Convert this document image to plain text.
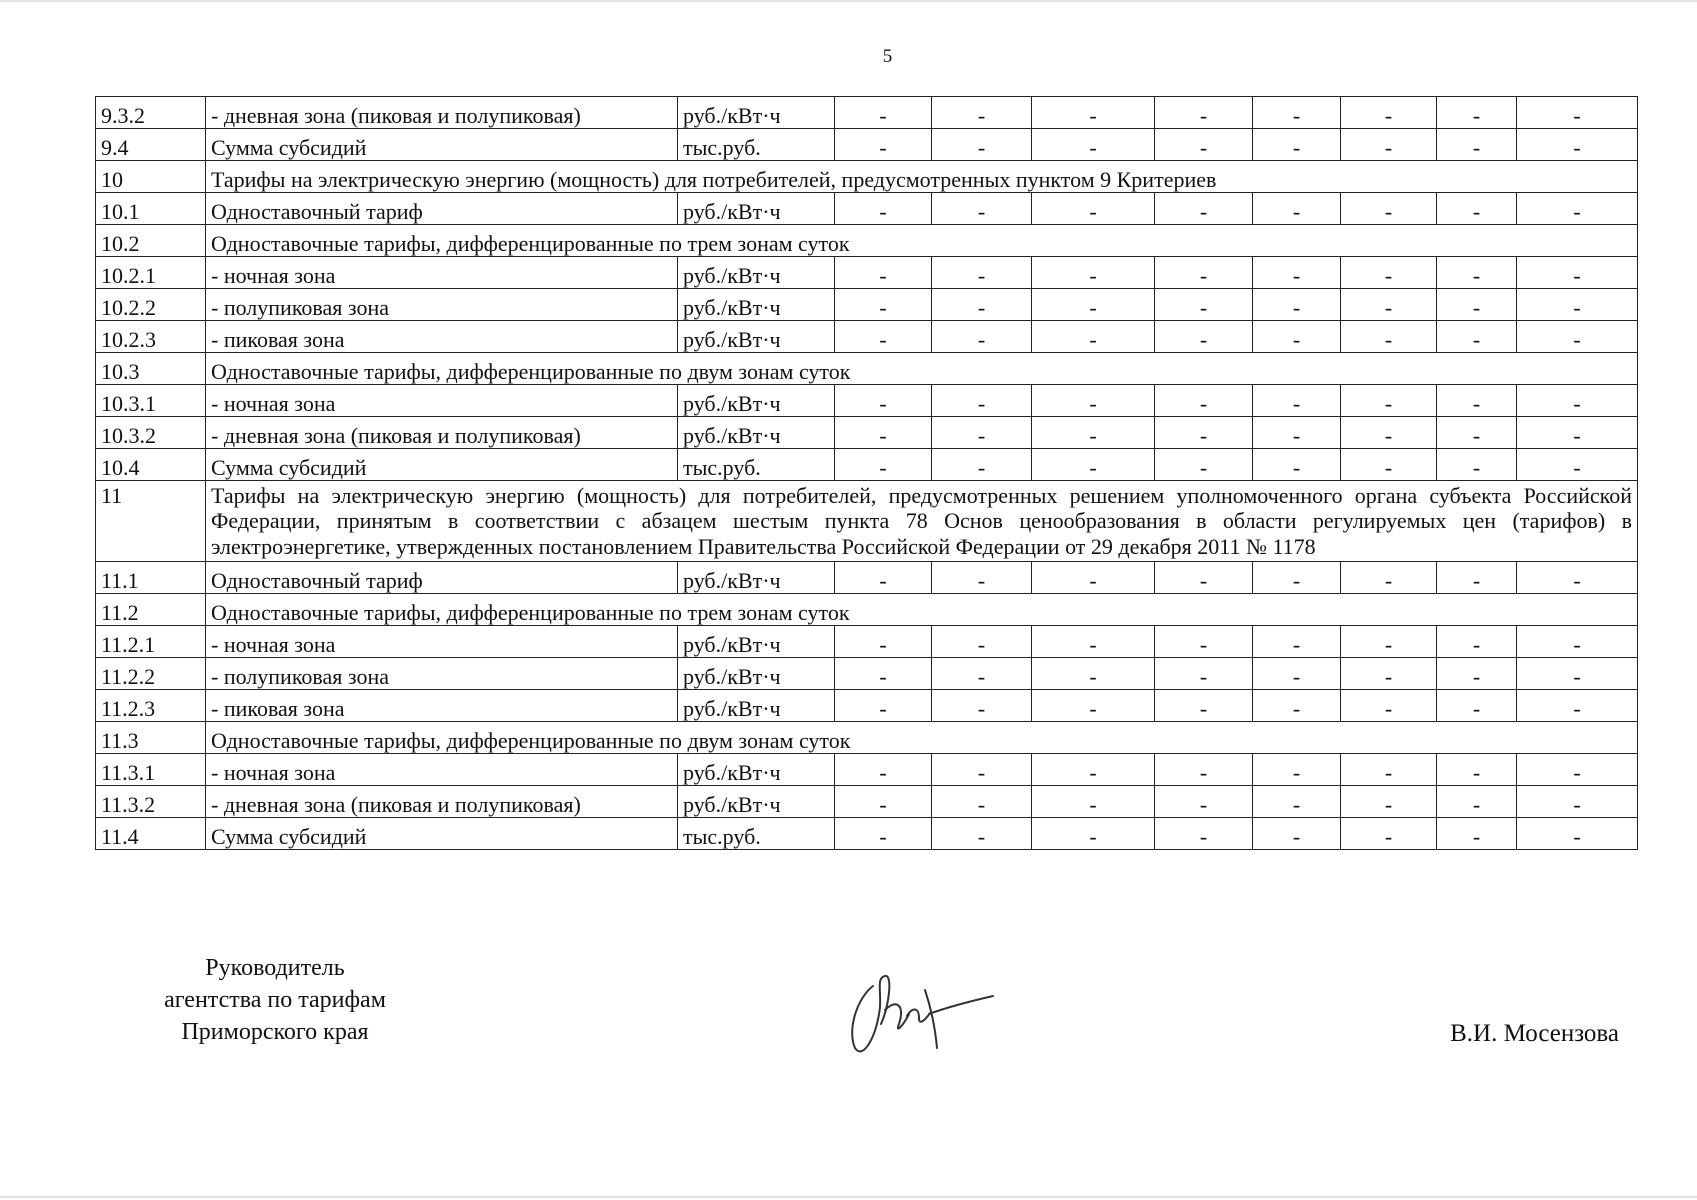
5
9.3.2	- дневная зона (пиковая и полупиковая)	руб./кВт·ч	-	-	-	-	-	-	-	-
9.4	Сумма субсидий	тыс.руб.	-	-	-	-	-	-	-	-
10	Тарифы на электрическую энергию (мощность) для потребителей, предусмотренных пунктом 9 Критериев									
10.1	Одноставочный тариф	руб./кВт·ч	-	-	-	-	-	-	-	-
10.2	Одноставочные тарифы, дифференцированные по трем зонам суток									
10.2.1	- ночная зона	руб./кВт·ч	-	-	-	-	-	-	-	-
10.2.2	- полупиковая зона	руб./кВт·ч	-	-	-	-	-	-	-	-
10.2.3	- пиковая зона	руб./кВт·ч	-	-	-	-	-	-	-	-
10.3	Одноставочные тарифы, дифференцированные по двум зонам суток									
10.3.1	- ночная зона	руб./кВт·ч	-	-	-	-	-	-	-	-
10.3.2	- дневная зона (пиковая и полупиковая)	руб./кВт·ч	-	-	-	-	-	-	-	-
10.4	Сумма субсидий	тыс.руб.	-	-	-	-	-	-	-	-
11	Тарифы на электрическую энергию (мощность) для потребителей, предусмотренных решением уполномоченного органа субъекта Российской Федерации, принятым в соответствии с абзацем шестым пункта 78 Основ ценообразования в области регулируемых цен (тарифов) в электроэнергетике, утвержденных постановлением Правительства Российской Федерации от 29 декабря 2011 № 1178									
11.1	Одноставочный тариф	руб./кВт·ч	-	-	-	-	-	-	-	-
11.2	Одноставочные тарифы, дифференцированные по трем зонам суток									
11.2.1	- ночная зона	руб./кВт·ч	-	-	-	-	-	-	-	-
11.2.2	- полупиковая зона	руб./кВт·ч	-	-	-	-	-	-	-	-
11.2.3	- пиковая зона	руб./кВт·ч	-	-	-	-	-	-	-	-
11.3	Одноставочные тарифы, дифференцированные по двум зонам суток									
11.3.1	- ночная зона	руб./кВт·ч	-	-	-	-	-	-	-	-
11.3.2	- дневная зона (пиковая и полупиковая)	руб./кВт·ч	-	-	-	-	-	-	-	-
11.4	Сумма субсидий	тыс.руб.	-	-	-	-	-	-	-	-
Руководитель
агентства по тарифам
Приморского края	В.И. Мосензова
